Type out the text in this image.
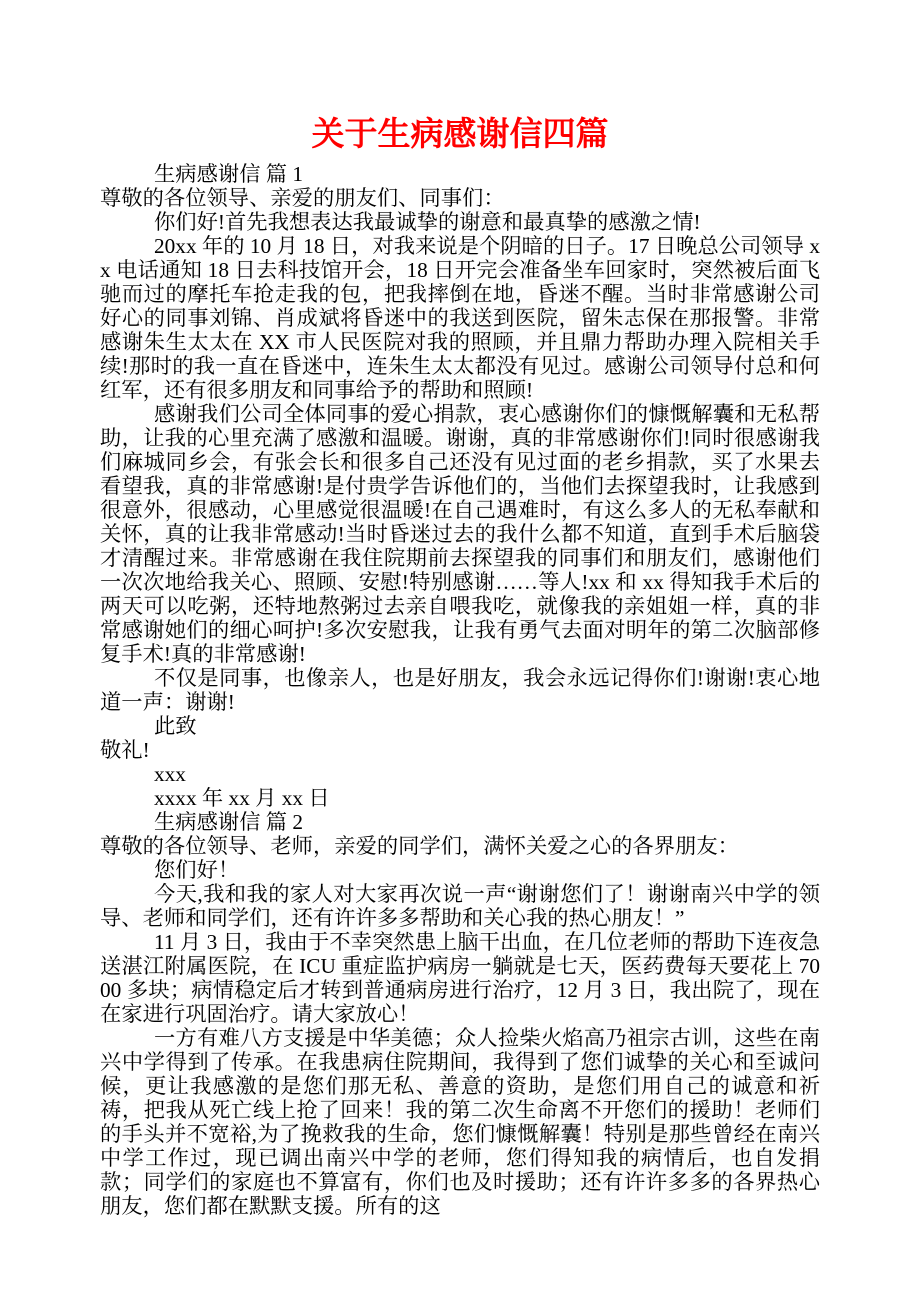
关于生病感谢信四篇

生病感谢信 篇 1

尊敬的各位领导、亲爱的朋友们、同事们：

你们好!首先我想表达我最诚挚的谢意和最真挚的感激之情!

20xx 年的 10 月 18 日，对我来说是个阴暗的日子。17 日晚总公司领导 xx 电话通知 18 日去科技馆开会，18 日开完会准备坐车回家时，突然被后面飞驰而过的摩托车抢走我的包，把我摔倒在地，昏迷不醒。当时非常感谢公司好心的同事刘锦、肖成斌将昏迷中的我送到医院，留朱志保在那报警。非常感谢朱生太太在 XX 市人民医院对我的照顾，并且鼎力帮助办理入院相关手续!那时的我一直在昏迷中，连朱生太太都没有见过。感谢公司领导付总和何红军，还有很多朋友和同事给予的帮助和照顾!

感谢我们公司全体同事的爱心捐款，衷心感谢你们的慷慨解囊和无私帮助，让我的心里充满了感激和温暖。谢谢，真的非常感谢你们!同时很感谢我们麻城同乡会，有张会长和很多自己还没有见过面的老乡捐款，买了水果去看望我，真的非常感谢!是付贵学告诉他们的，当他们去探望我时，让我感到很意外，很感动，心里感觉很温暖!在自己遇难时，有这么多人的无私奉献和关怀，真的让我非常感动!当时昏迷过去的我什么都不知道，直到手术后脑袋才清醒过来。非常感谢在我住院期前去探望我的同事们和朋友们，感谢他们一次次地给我关心、照顾、安慰!特别感谢……等人!xx 和 xx 得知我手术后的两天可以吃粥，还特地熬粥过去亲自喂我吃，就像我的亲姐姐一样，真的非常感谢她们的细心呵护!多次安慰我，让我有勇气去面对明年的第二次脑部修复手术!真的非常感谢!

不仅是同事，也像亲人，也是好朋友，我会永远记得你们!谢谢!衷心地道一声：谢谢!

此致

敬礼!

xxx

xxxx 年 xx 月 xx 日

生病感谢信 篇 2

尊敬的各位领导、老师，亲爱的同学们，满怀关爱之心的各界朋友：

您们好！

今天,我和我的家人对大家再次说一声“谢谢您们了！谢谢南兴中学的领导、老师和同学们，还有许许多多帮助和关心我的热心朋友！”

11 月 3 日，我由于不幸突然患上脑干出血，在几位老师的帮助下连夜急送湛江附属医院，在 ICU 重症监护病房一躺就是七天，医药费每天要花上 7000 多块；病情稳定后才转到普通病房进行治疗，12 月 3 日，我出院了，现在在家进行巩固治疗。请大家放心！

一方有难八方支援是中华美德；众人捡柴火焰高乃祖宗古训，这些在南兴中学得到了传承。在我患病住院期间，我得到了您们诚挚的关心和至诚问候，更让我感激的是您们那无私、善意的资助，是您们用自己的诚意和祈祷，把我从死亡线上抢了回来！我的第二次生命离不开您们的援助！老师们的手头并不宽裕,为了挽救我的生命，您们慷慨解囊！特别是那些曾经在南兴中学工作过，现已调出南兴中学的老师，您们得知我的病情后，也自发捐款；同学们的家庭也不算富有，你们也及时援助；还有许许多多的各界热心朋友，您们都在默默支援。所有的这
